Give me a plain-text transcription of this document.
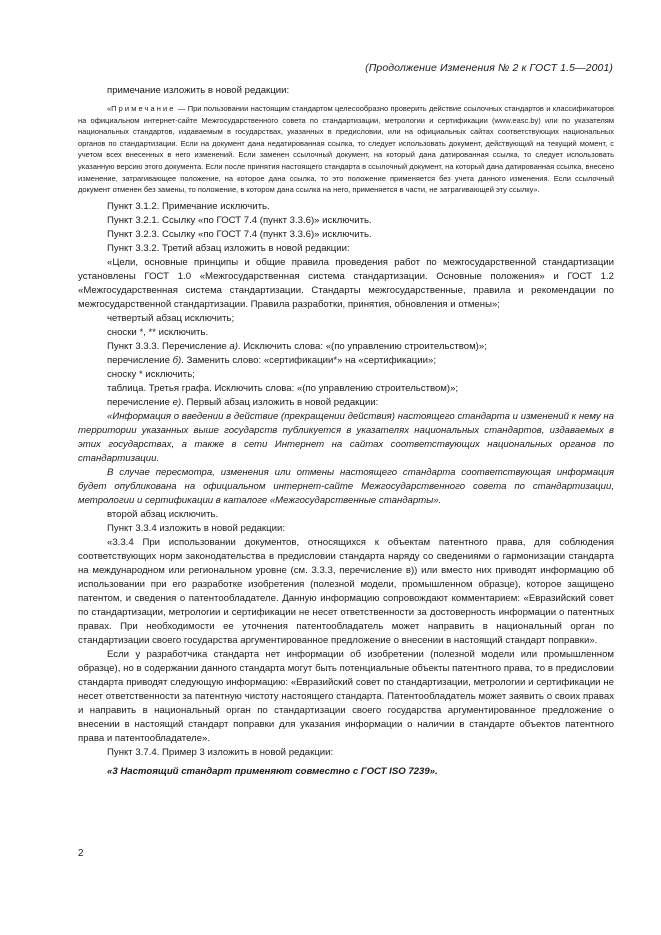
(Продолжение Изменения № 2 к ГОСТ 1.5—2001)

примечание изложить в новой редакции:

«Примечание — При пользовании настоящим стандартом целесообразно проверить действие ссылочных стандартов и классификаторов на официальном интернет-сайте Межгосударственного совета по стандартизации, метрологии и сертификации (www.easc.by) или по указателям национальных стандартов, издаваемым в государствах, указанных в предисловии, или на официальных сайтах соответствующих национальных органов по стандартизации. Если на документ дана недатированная ссылка, то следует использовать документ, действующий на текущий момент, с учетом всех внесенных в него изменений. Если заменен ссылочный документ, на который дана датированная ссылка, то следует использовать указанную версию этого документа. Если после принятия настоящего стандарта в ссылочный документ, на который дана датированная ссылка, внесено изменение, затрагивающее положение, на которое дана ссылка, то это положение применяется без учета данного изменения. Если ссылочный документ отменен без замены, то положение, в котором дана ссылка на него, применяется в части, не затрагивающей эту ссылку».

Пункт 3.1.2. Примечание исключить.

Пункт 3.2.1. Ссылку «по ГОСТ 7.4 (пункт 3.3.6)» исключить.

Пункт 3.2.3. Ссылку «по ГОСТ 7.4 (пункт 3.3.6)» исключить.

Пункт 3.3.2. Третий абзац изложить в новой редакции:

«Цели, основные принципы и общие правила проведения работ по межгосударственной стандартизации установлены ГОСТ 1.0 «Межгосударственная система стандартизации. Основные положения» и ГОСТ 1.2 «Межгосударственная система стандартизации. Стандарты межгосударственные, правила и рекомендации по межгосударственной стандартизации. Правила разработки, принятия, обновления и отмены»;

четвертый абзац исключить;

сноски *, ** исключить.

Пункт 3.3.3. Перечисление а). Исключить слова: «(по управлению строительством)»;

перечисление б). Заменить слово: «сертификации*» на «сертификации»;

сноску * исключить;

таблица. Третья графа. Исключить слова: «(по управлению строительством)»;

перечисление е). Первый абзац изложить в новой редакции:

«Информация о введении в действие (прекращении действия) настоящего стандарта и изменений к нему на территории указанных выше государств публикуется в указателях национальных стандартов, издаваемых в этих государствах, а также в сети Интернет на сайтах соответствующих национальных органов по стандартизации.

В случае пересмотра, изменения или отмены настоящего стандарта соответствующая информация будет опубликована на официальном интернет-сайте Межгосударственного совета по стандартизации, метрологии и сертификации в каталоге «Межгосударственные стандарты».

второй абзац исключить.

Пункт 3.3.4 изложить в новой редакции:

«3.3.4 При использовании документов, относящихся к объектам патентного права, для соблюдения соответствующих норм законодательства в предисловии стандарта наряду со сведениями о гармонизации стандарта на международном или региональном уровне (см. 3.3.3, перечисление в)) или вместо них приводят информацию об использовании при его разработке изобретения (полезной модели, промышленном образце), которое защищено патентом, и сведения о патентообладателе. Данную информацию сопровождают комментарием: «Евразийский совет по стандартизации, метрологии и сертификации не несет ответственности за достоверность информации о патентных правах. При необходимости ее уточнения патентообладатель может направить в национальный орган по стандартизации своего государства аргументированное предложение о внесении в настоящий стандарт поправки».

Если у разработчика стандарта нет информации об изобретении (полезной модели или промышленном образце), но в содержании данного стандарта могут быть потенциальные объекты патентного права, то в предисловии стандарта приводят следующую информацию: «Евразийский совет по стандартизации, метрологии и сертификации не несет ответственности за патентную чистоту настоящего стандарта. Патентообладатель может заявить о своих правах и направить в национальный орган по стандартизации своего государства аргументированное предложение о внесении в настоящий стандарт поправки для указания информации о наличии в стандарте объектов патентного права и патентообладателе».

Пункт 3.7.4. Пример 3 изложить в новой редакции:

«3 Настоящий стандарт применяют совместно с ГОСТ ISO 7239».

2
